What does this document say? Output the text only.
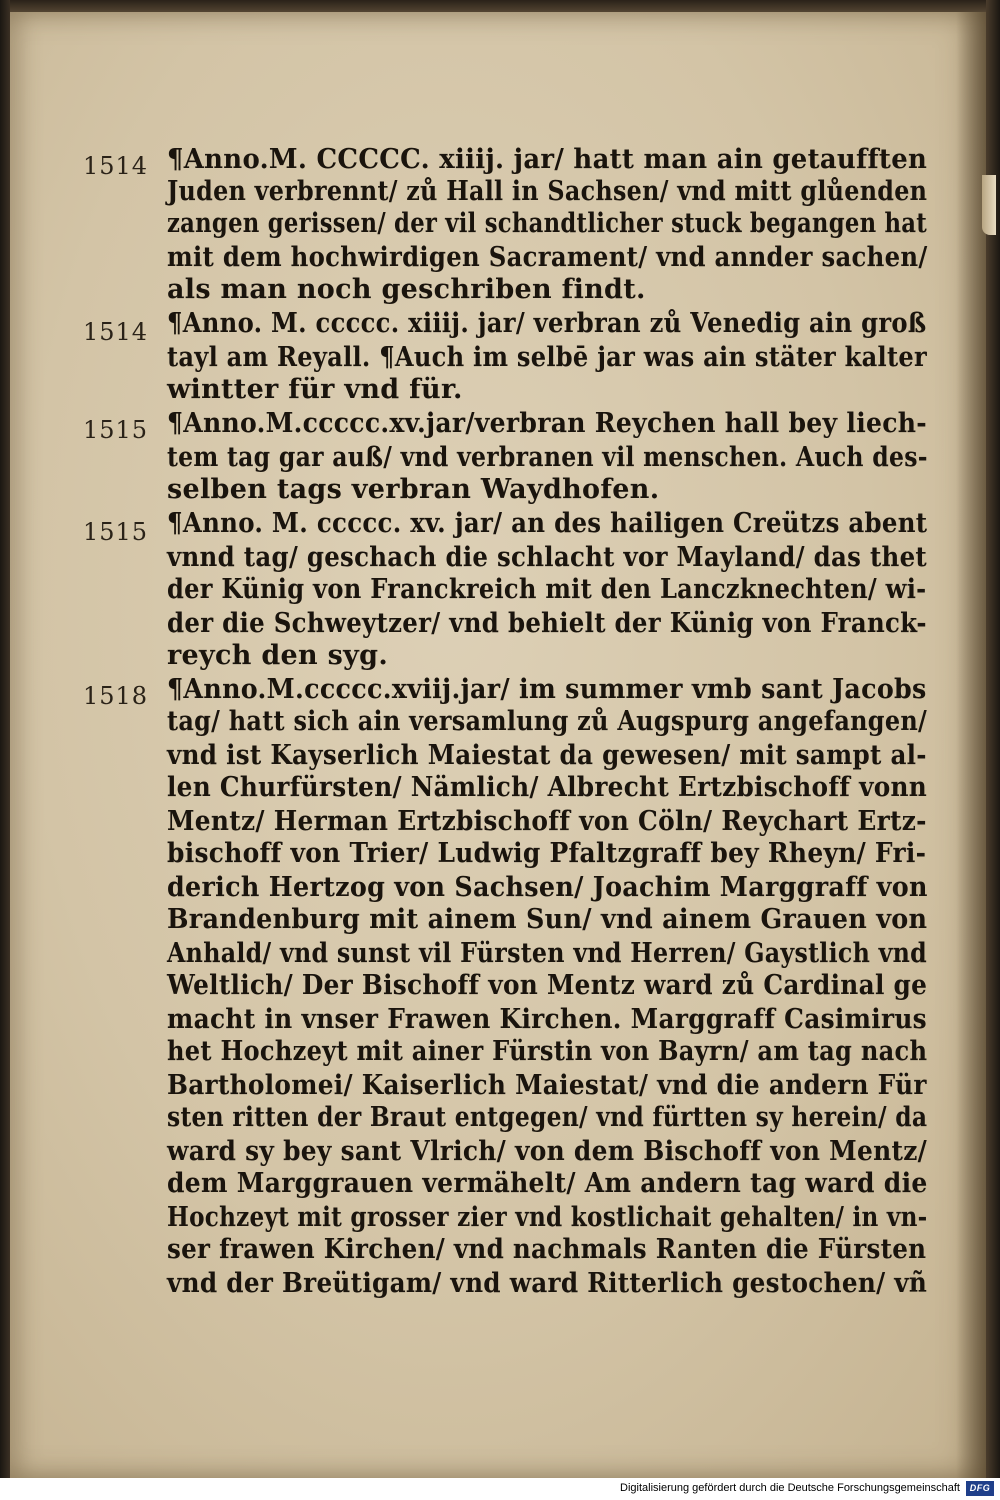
1514 ¶Anno.M. CCCCC. xiiij. jar/ hatt man ain getaufften
Juden verbrennt/ zů Hall in Sachsen/ vnd mitt glůenden
zangen gerissen/ der vil schandtlicher stuck begangen hat
mit dem hochwirdigen Sacrament/ vnd annder sachen/
als man noch geschriben findt.
1514 ¶Anno. M. ccccc. xiiij. jar/ verbran zů Venedig ain groß
tayl am Reyall. ¶Auch im selbē jar was ain stäter kalter
wintter für vnd für.
1515 ¶Anno.M.ccccc.xv.jar/verbran Reychen hall bey liech-
tem tag gar auß/ vnd verbranen vil menschen. Auch des-
selben tags verbran Waydhofen.
1515 ¶Anno. M. ccccc. xv. jar/ an des hailigen Creützs abent
vnnd tag/ geschach die schlacht vor Mayland/ das thet
der Künig von Franckreich mit den Lanczknechten/ wi-
der die Schweytzer/ vnd behielt der Künig von Franck-
reych den syg.
1518 ¶Anno.M.ccccc.xviij.jar/ im summer vmb sant Jacobs
tag/ hatt sich ain versamlung zů Augspurg angefangen/
vnd ist Kayserlich Maiestat da gewesen/ mit sampt al-
len Churfürsten/ Nämlich/ Albrecht Ertzbischoff vonn
Mentz/ Herman Ertzbischoff von Cöln/ Reychart Ertz-
bischoff von Trier/ Ludwig Pfaltzgraff bey Rheyn/ Fri-
derich Hertzog von Sachsen/ Joachim Marggraff von
Brandenburg mit ainem Sun/ vnd ainem Grauen von
Anhald/ vnd sunst vil Fürsten vnd Herren/ Gaystlich vnd
Weltlich/ Der Bischoff von Mentz ward zů Cardinal ge
macht in vnser Frawen Kirchen. Marggraff Casimirus
het Hochzeyt mit ainer Fürstin von Bayrn/ am tag nach
Bartholomei/ Kaiserlich Maiestat/ vnd die andern Für
sten ritten der Braut entgegen/ vnd fürtten sy herein/ da
ward sy bey sant Vlrich/ von dem Bischoff von Mentz/
dem Marggrauen vermähelt/ Am andern tag ward die
Hochzeyt mit grosser zier vnd kostlichait gehalten/ in vn-
ser frawen Kirchen/ vnd nachmals Ranten die Fürsten
vnd der Breütigam/ vnd ward Ritterlich gestochen/ vñ
Digitalisierung gefördert durch die Deutsche Forschungsgemeinschaft	DFG
